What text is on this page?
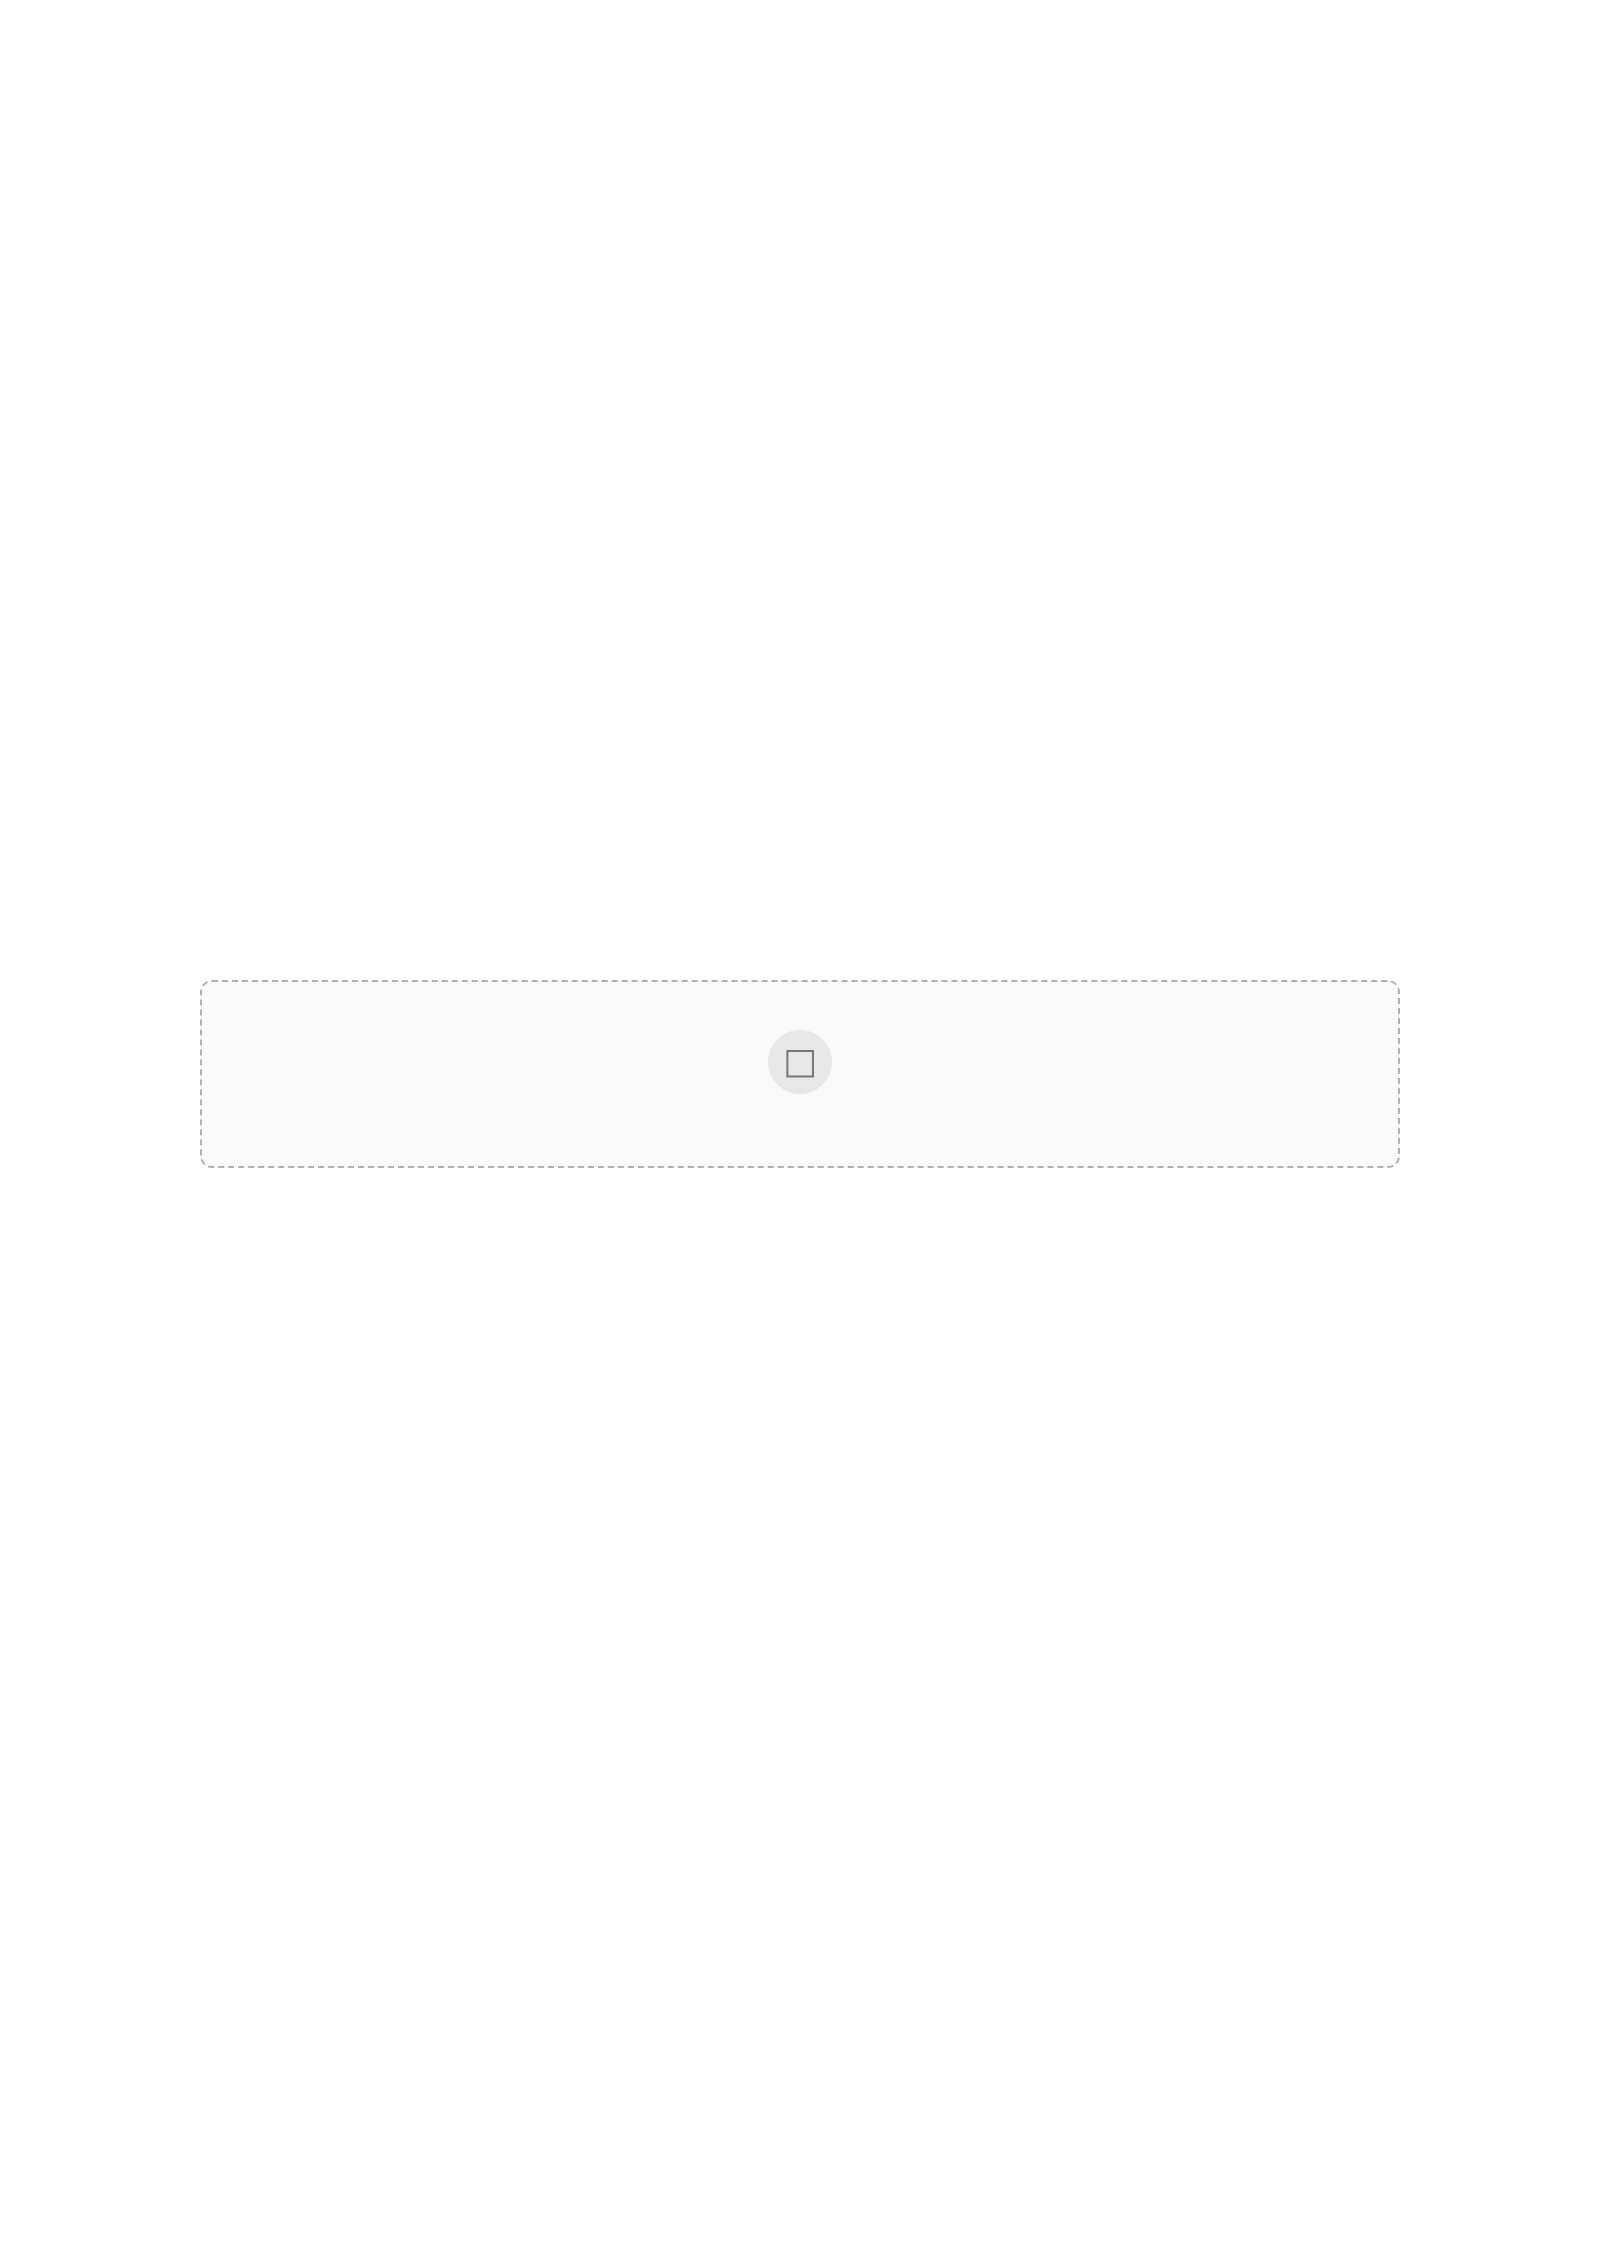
□
